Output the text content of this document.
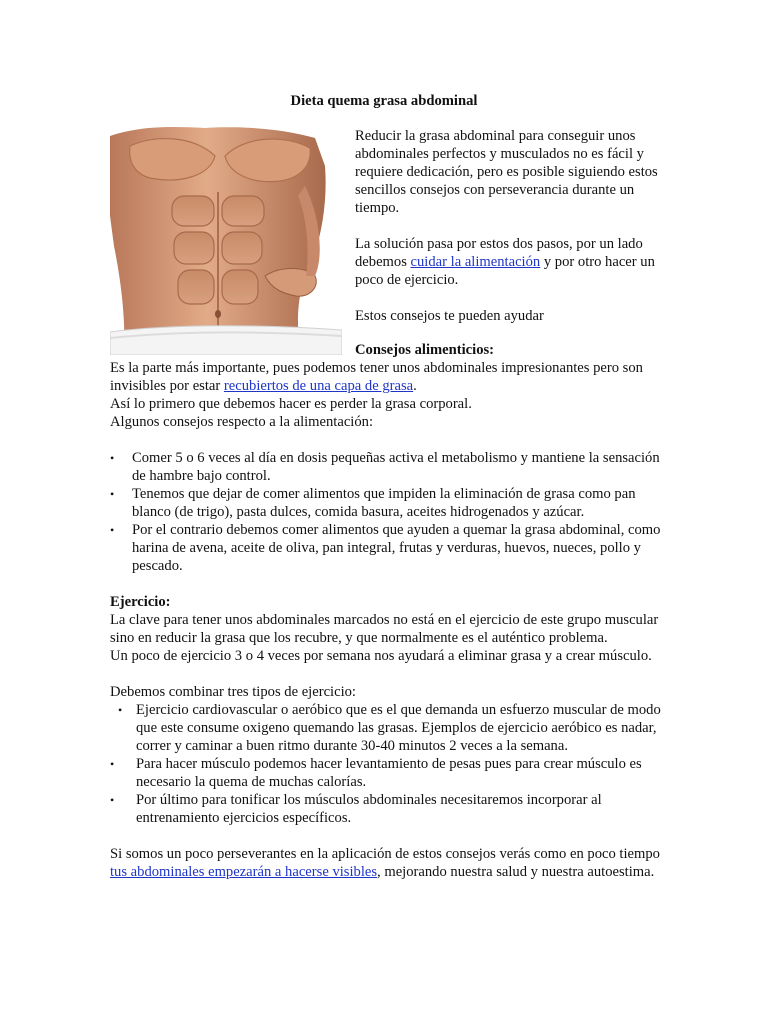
Dieta quema grasa abdominal

Reducir la grasa abdominal para conseguir unos abdominales perfectos y musculados no es fácil y requiere dedicación, pero es posible siguiendo estos sencillos consejos con perseverancia durante un tiempo.

La solución pasa por estos dos pasos, por un lado debemos cuidar la alimentación y por otro hacer un poco de ejercicio.

Estos consejos te pueden ayudar

Consejos alimenticios:

Es la parte más importante, pues podemos tener unos abdominales impresionantes pero son invisibles por estar recubiertos de una capa de grasa.

Así lo primero que debemos hacer es perder la grasa corporal.

Algunos consejos respecto a la alimentación:

• Comer 5 o 6 veces al día en dosis pequeñas activa el metabolismo y mantiene la sensación de hambre bajo control.
• Tenemos que dejar de comer alimentos que impiden la eliminación de grasa como pan blanco (de trigo), pasta dulces, comida basura, aceites hidrogenados y azúcar.
• Por el contrario debemos comer alimentos que ayuden a quemar la grasa abdominal, como harina de avena, aceite de oliva, pan integral, frutas y verduras, huevos, nueces, pollo y pescado.
Ejercicio:

La clave para tener unos abdominales marcados no está en el ejercicio de este grupo muscular sino en reducir la grasa que los recubre, y que normalmente es el auténtico problema.

Un poco de ejercicio 3 o 4 veces por semana nos ayudará a eliminar grasa y a crear músculo.

Debemos combinar tres tipos de ejercicio:

• Ejercicio cardiovascular o aeróbico que es el que demanda un esfuerzo muscular de modo que este consume oxigeno quemando las grasas. Ejemplos de ejercicio aeróbico es nadar, correr y caminar a buen ritmo durante 30-40 minutos 2 veces a la semana.
• Para hacer músculo podemos hacer levantamiento de pesas pues para crear músculo es necesario la quema de muchas calorías.
• Por último para tonificar los músculos abdominales necesitaremos incorporar al entrenamiento ejercicios específicos.

Si somos un poco perseverantes en la aplicación de estos consejos verás como en poco tiempo tus abdominales empezarán a hacerse visibles, mejorando nuestra salud y nuestra autoestima.
